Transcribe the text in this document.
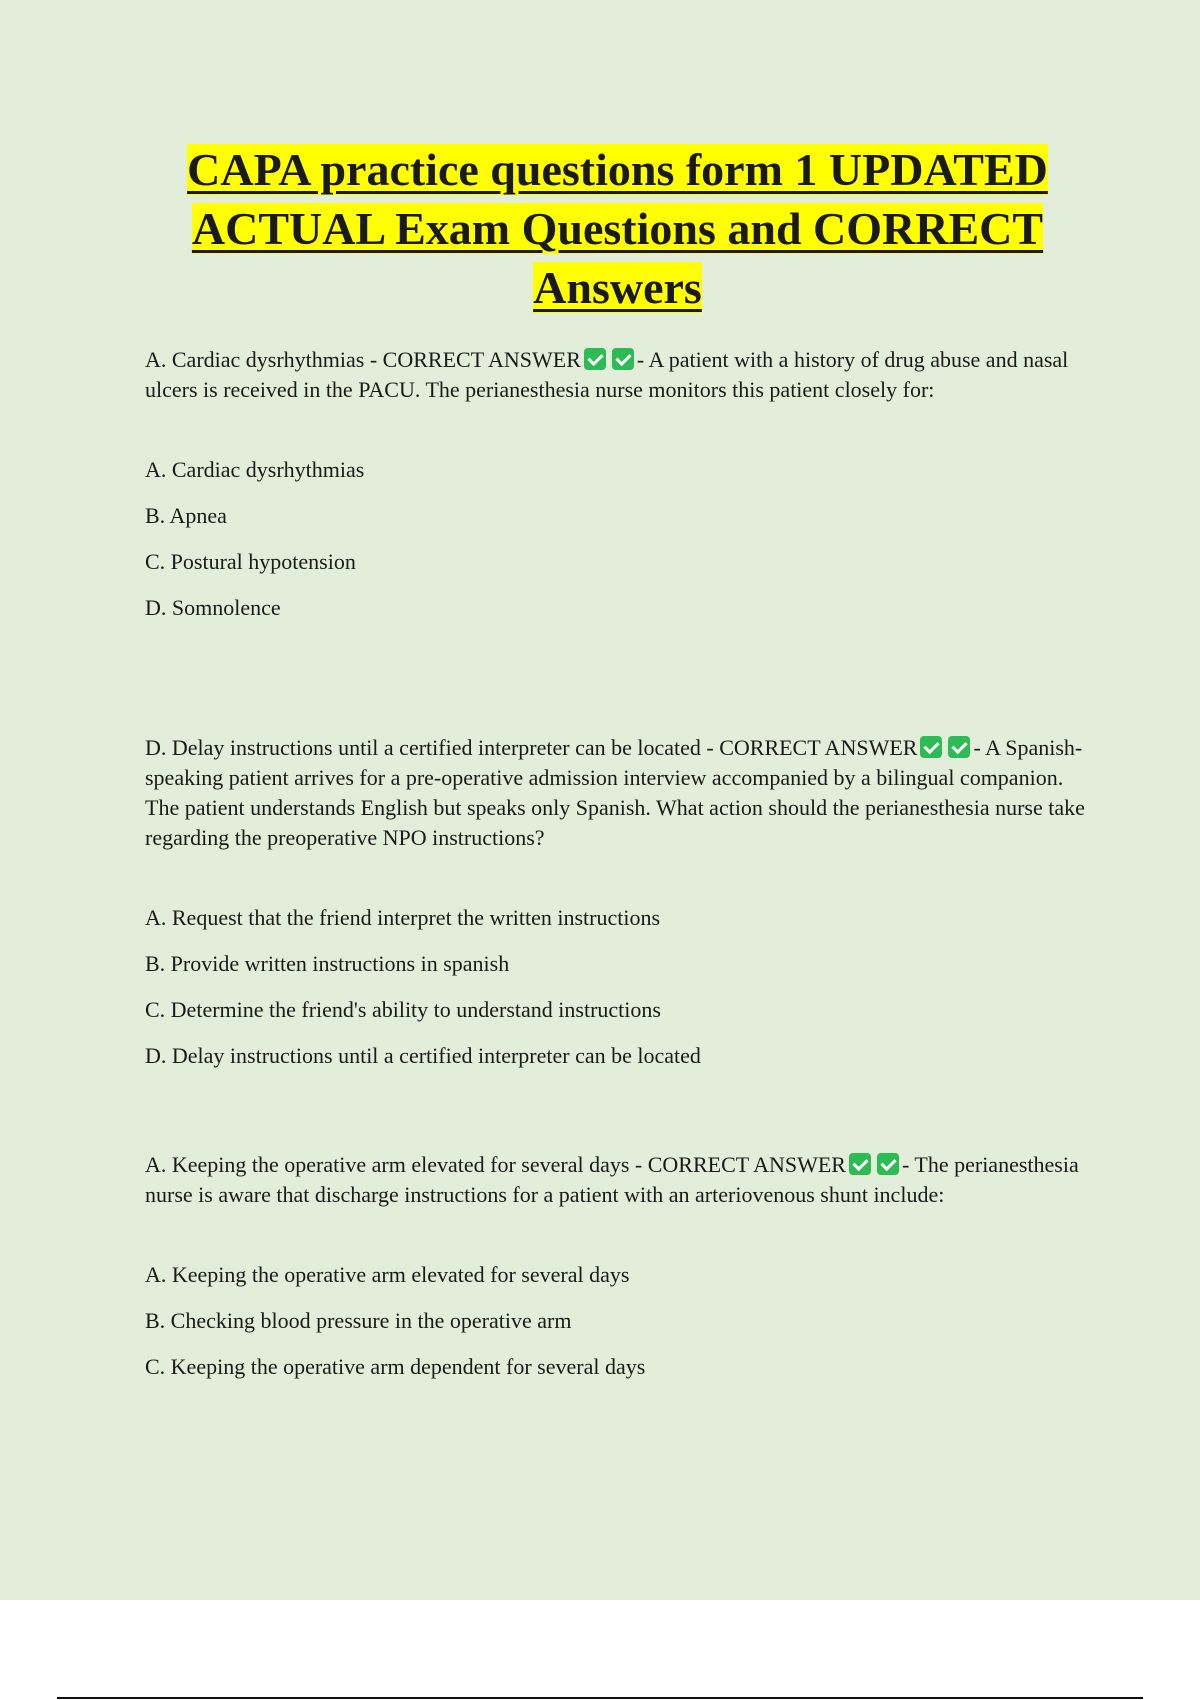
CAPA practice questions form 1 UPDATED
ACTUAL Exam Questions and CORRECT
Answers

A. Cardiac dysrhythmias - CORRECT ANSWER	- A patient with a history of drug abuse and nasal ulcers is received in the PACU. The perianesthesia nurse monitors this patient closely for:

A. Cardiac dysrhythmias
B. Apnea
C. Postural hypotension
D. Somnolence

D. Delay instructions until a certified interpreter can be located - CORRECT ANSWER	- A Spanish-speaking patient arrives for a pre-operative admission interview accompanied by a bilingual companion. The patient understands English but speaks only Spanish. What action should the perianesthesia nurse take regarding the preoperative NPO instructions?

A. Request that the friend interpret the written instructions
B. Provide written instructions in spanish
C. Determine the friend's ability to understand instructions
D. Delay instructions until a certified interpreter can be located

A. Keeping the operative arm elevated for several days - CORRECT ANSWER	- The perianesthesia nurse is aware that discharge instructions for a patient with an arteriovenous shunt include:

A. Keeping the operative arm elevated for several days
B. Checking blood pressure in the operative arm
C. Keeping the operative arm dependent for several days
